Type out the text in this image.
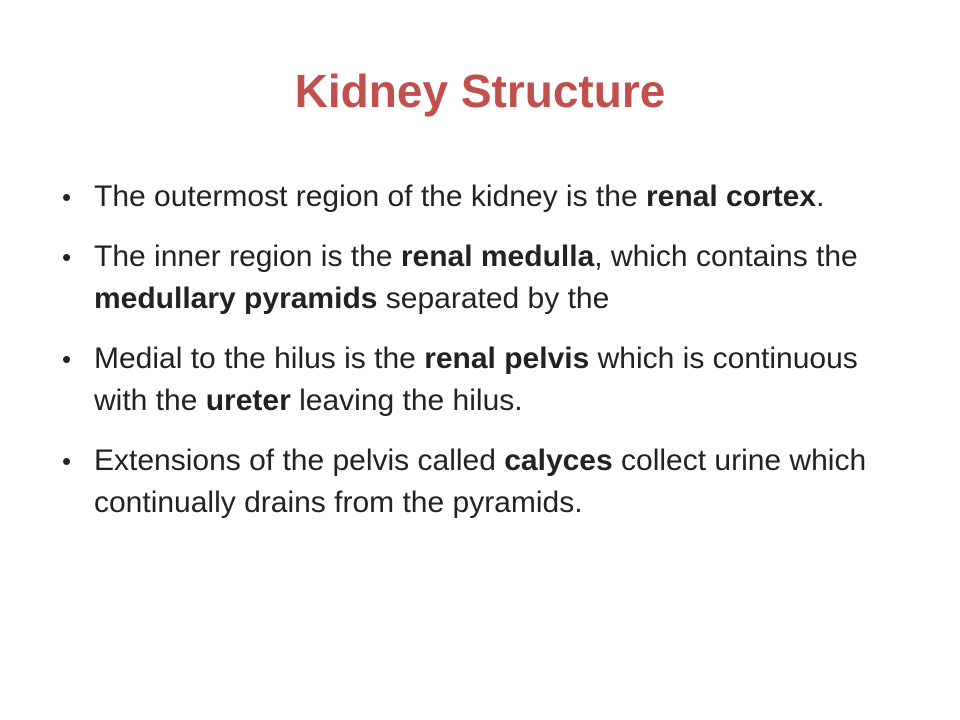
Kidney Structure
• The outermost region of the kidney is the renal cortex.
• The inner region is the renal medulla, which contains the medullary pyramids separated by the
• Medial to the hilus is the renal pelvis which is continuous with the ureter leaving the hilus.
• Extensions of the pelvis called calyces collect urine which continually drains from the pyramids.
